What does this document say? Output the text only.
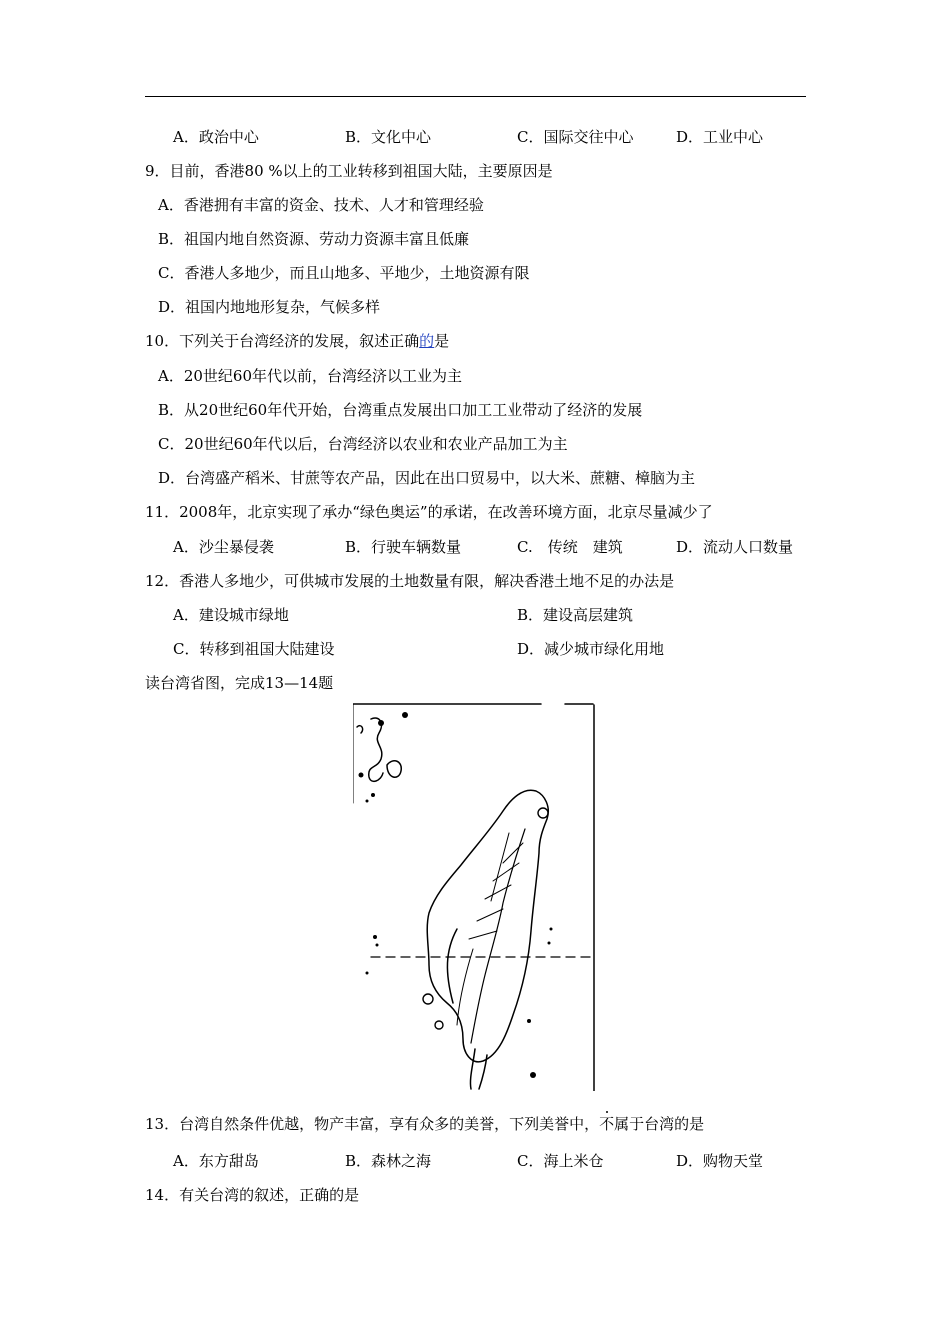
A．政治中心	B．文化中心	C．国际交往中心	D．工业中心
9．目前，香港80 %以上的工业转移到祖国大陆，主要原因是
A．香港拥有丰富的资金、技术、人才和管理经验
B．祖国内地自然资源、劳动力资源丰富且低廉
C．香港人多地少，而且山地多、平地少，土地资源有限
D．祖国内地地形复杂，气候多样
10．下列关于台湾经济的发展，叙述正确的是
A．20世纪60年代以前，台湾经济以工业为主
B．从20世纪60年代开始，台湾重点发展出口加工工业带动了经济的发展
C．20世纪60年代以后，台湾经济以农业和农业产品加工为主
D．台湾盛产稻米、甘蔗等农产品，因此在出口贸易中，以大米、蔗糖、樟脑为主
11．2008年，北京实现了承办“绿色奥运”的承诺，在改善环境方面，北京尽量减少了
A．沙尘暴侵袭	B．行驶车辆数量	C.　传统　建筑	D．流动人口数量
12．香港人多地少，可供城市发展的土地数量有限，解决香港土地不足的办法是
A．建设城市绿地	B．建设高层建筑
C．转移到祖国大陆建设	D．减少城市绿化用地
读台湾省图，完成13—14题
13．台湾自然条件优越，物产丰富，享有众多的美誉，下列美誉中，不属于台湾的是
A．东方甜岛	B．森林之海	C．海上米仓	D．购物天堂
14．有关台湾的叙述，正确的是
